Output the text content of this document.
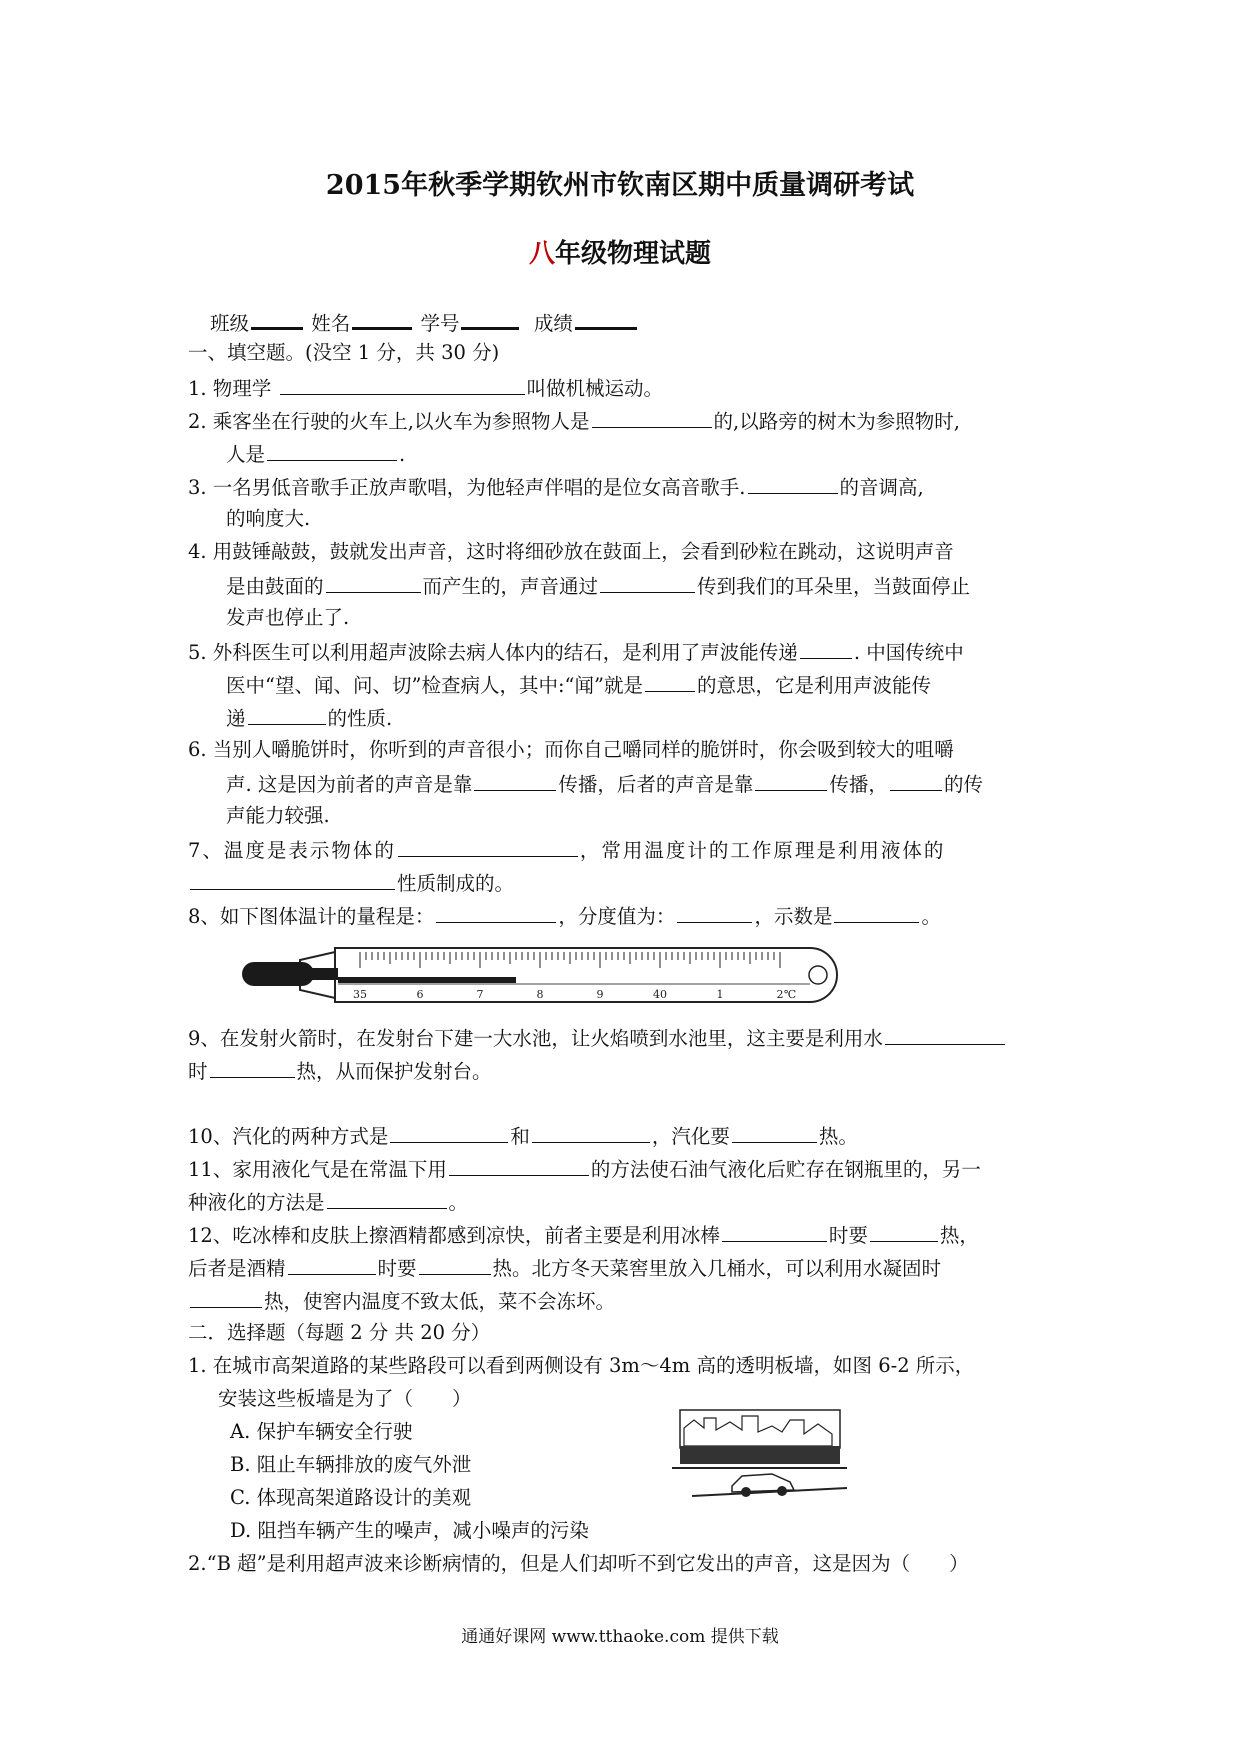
2015年秋季学期钦州市钦南区期中质量调研考试
八年级物理试题
班级	姓名	学号	成绩
一、填空题。(没空 1 分，共 30 分)
1. 物理学	叫做机械运动。
2. 乘客坐在行驶的火车上,以火车为参照物人是	的,以路旁的树木为参照物时,
人是	.
3. 一名男低音歌手正放声歌唱，为他轻声伴唱的是位女高音歌手.	的音调高,
的响度大.
4. 用鼓锤敲鼓，鼓就发出声音，这时将细砂放在鼓面上，会看到砂粒在跳动，这说明声音
是由鼓面的	而产生的，声音通过	传到我们的耳朵里，当鼓面停止
发声也停止了.
5. 外科医生可以利用超声波除去病人体内的结石，是利用了声波能传递	. 中国传统中
医中“望、闻、问、切”检查病人，其中:“闻”就是	的意思，它是利用声波能传
递	的性质.
6. 当别人嚼脆饼时，你听到的声音很小；而你自己嚼同样的脆饼时，你会吸到较大的咀嚼
声. 这是因为前者的声音是靠	传播，后者的声音是靠	传播，	的传
声能力较强.
7、温度是表示物体的	，常用温度计的工作原理是利用液体的
性质制成的。
8、如下图体温计的量程是：	，分度值为：	，示数是	。
35	6	7	8	9	40	1	2 ℃
9、在发射火箭时，在发射台下建一大水池，让火焰喷到水池里，这主要是利用水
时	热，从而保护发射台。
10、汽化的两种方式是	和	，汽化要	热。
11、家用液化气是在常温下用	的方法使石油气液化后贮存在钢瓶里的，另一
种液化的方法是	。
12、吃冰棒和皮肤上擦酒精都感到凉快，前者主要是利用冰棒	时要	热，
后者是酒精	时要	热。北方冬天菜窖里放入几桶水，可以利用水凝固时
热，使窖内温度不致太低，菜不会冻坏。
二．选择题（每题 2 分 共 20 分）
1. 在城市高架道路的某些路段可以看到两侧设有 3m～4m 高的透明板墙，如图 6-2 所示，
安装这些板墙是为了（　　）
A. 保护车辆安全行驶
B. 阻止车辆排放的废气外泄
C. 体现高架道路设计的美观
D. 阻挡车辆产生的噪声，减小噪声的污染
2.“B 超”是利用超声波来诊断病情的，但是人们却听不到它发出的声音，这是因为（　　）
通通好课网 www.tthaoke.com 提供下载
